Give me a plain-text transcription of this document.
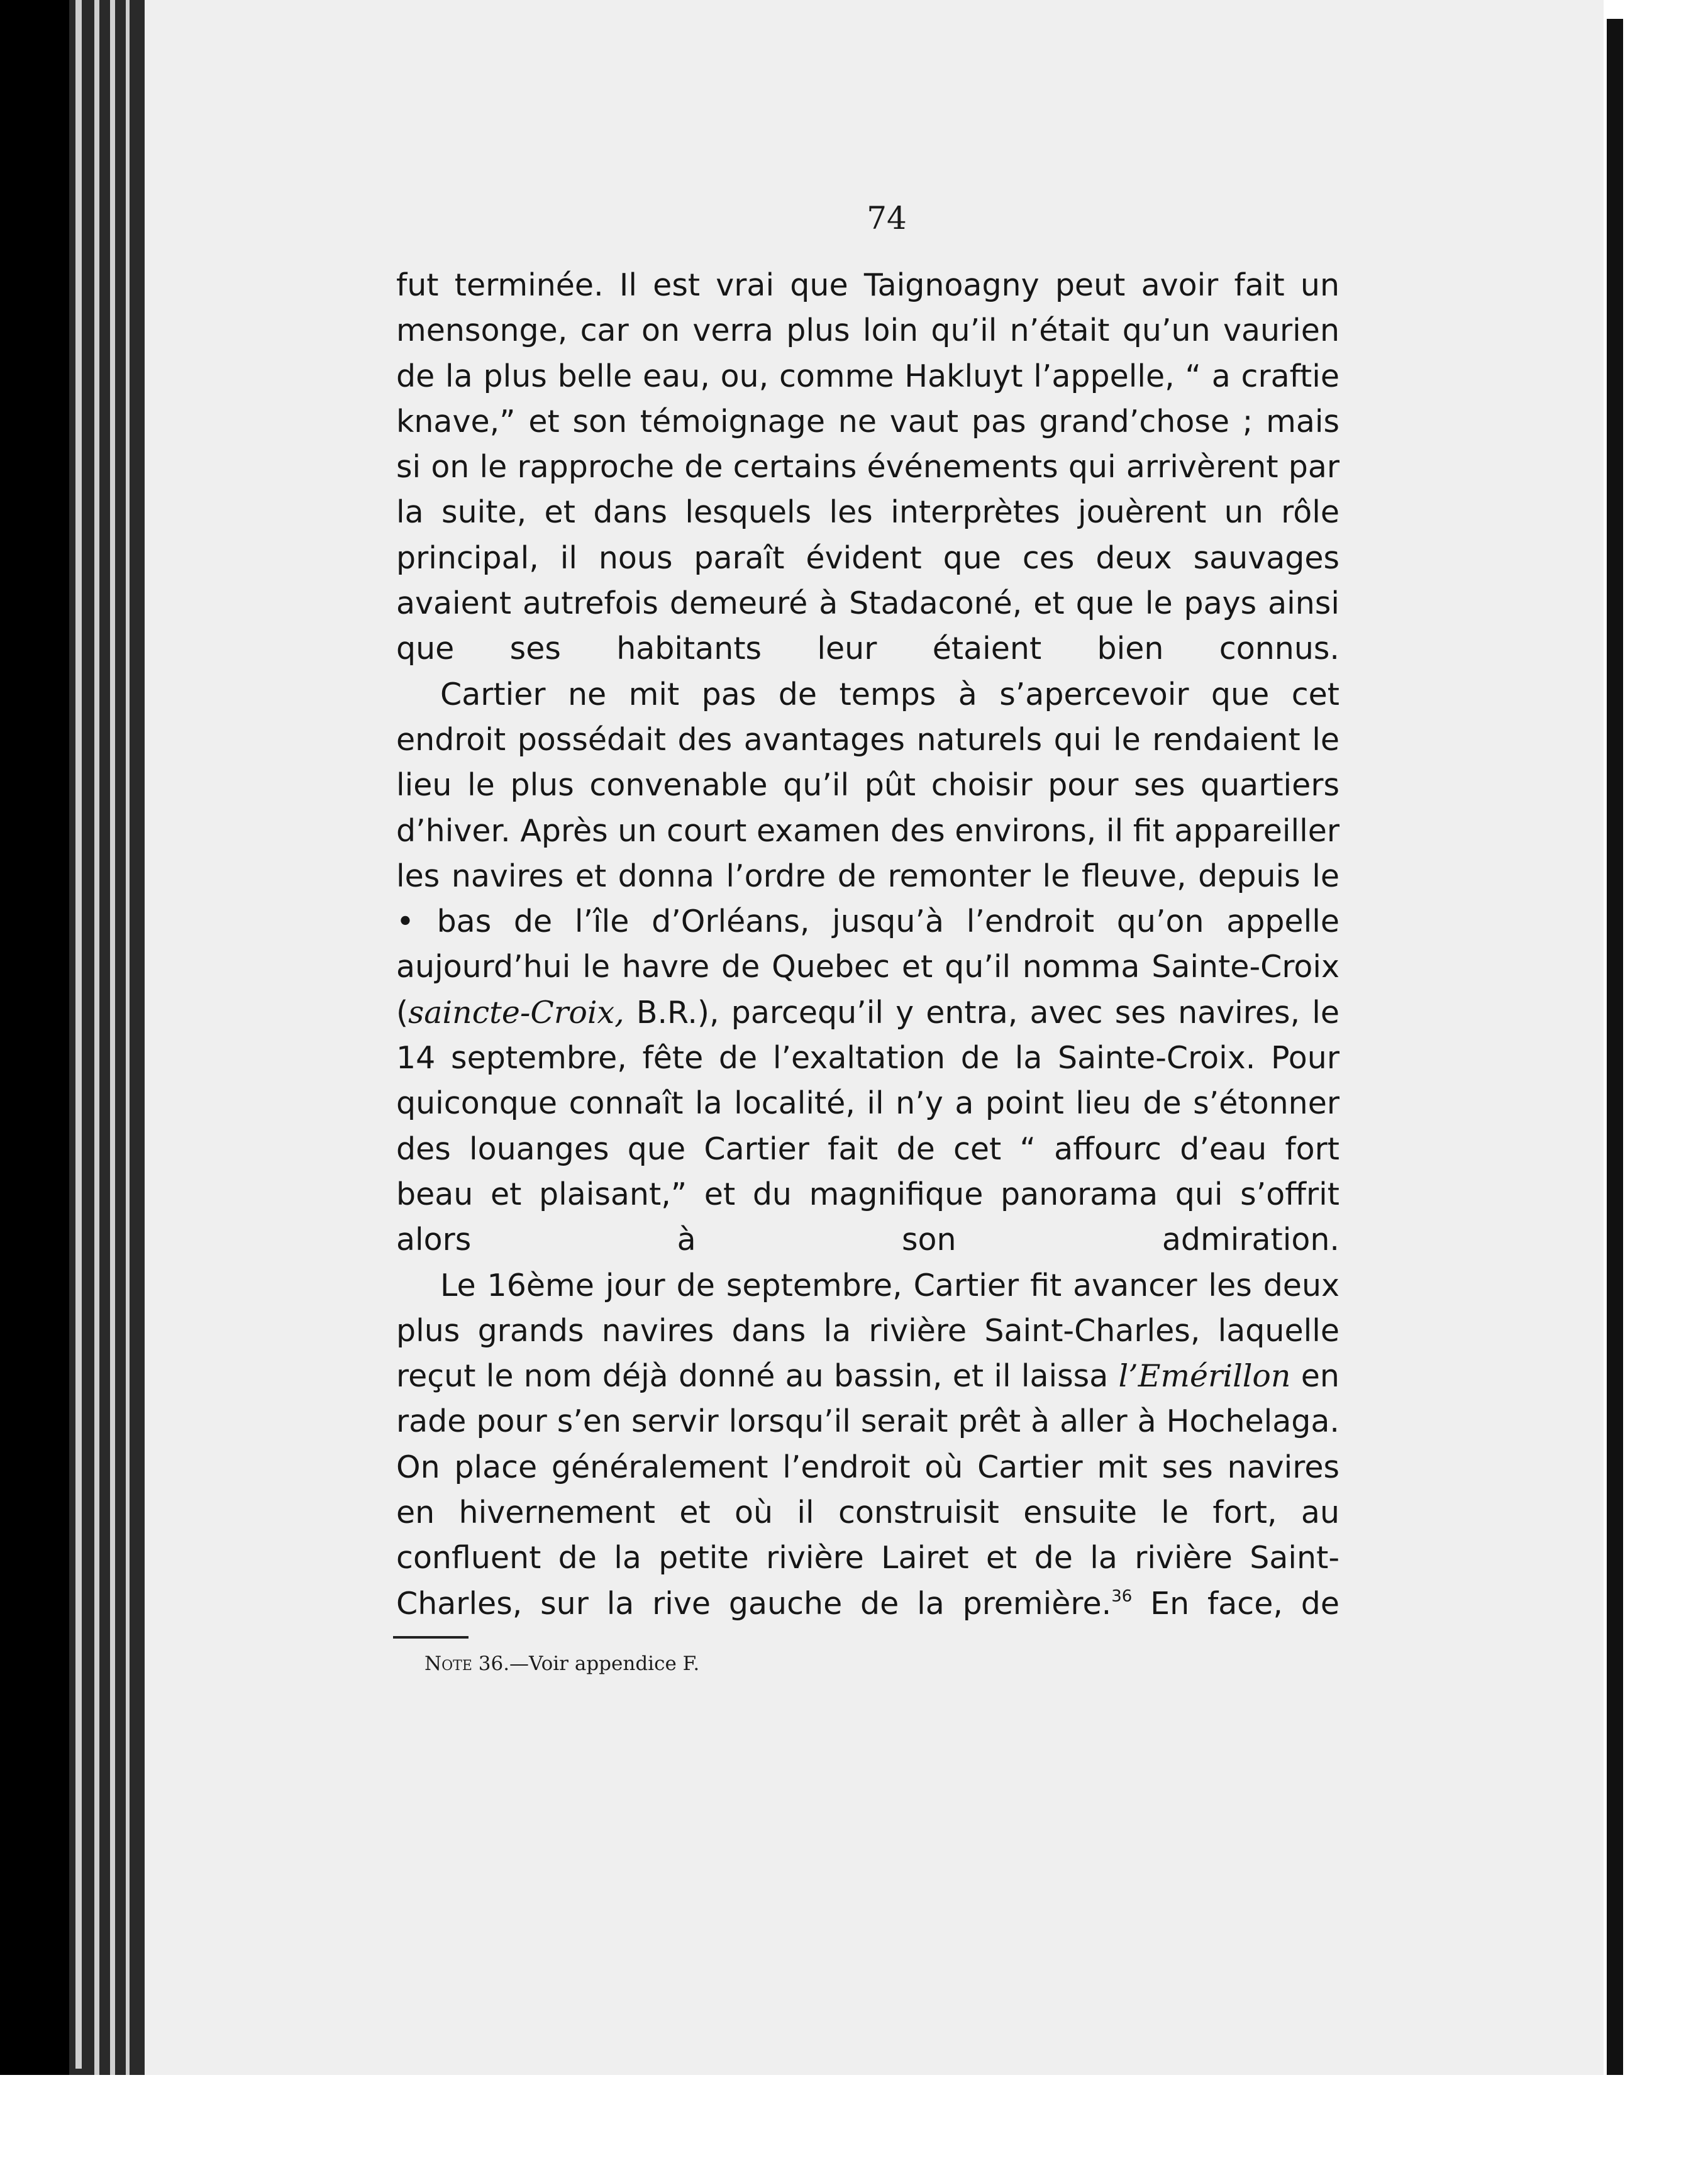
74

fut terminée. Il est vrai que Taignoagny peut avoir fait un mensonge, car on verra plus loin qu’il n’était qu’un vaurien de la plus belle eau, ou, comme Hakluyt l’appelle, “ a craftie knave,” et son témoignage ne vaut pas grand’chose ; mais si on le rapproche de certains événements qui arrivèrent par la suite, et dans lesquels les interprètes jouèrent un rôle principal, il nous paraît évident que ces deux sauvages avaient autrefois demeuré à Stadaconé, et que le pays ainsi que ses habitants leur étaient bien connus.

Cartier ne mit pas de temps à s’apercevoir que cet endroit possédait des avantages naturels qui le rendaient le lieu le plus convenable qu’il pût choisir pour ses quartiers d’hiver. Après un court examen des environs, il fit appareiller les navires et donna l’ordre de remonter le fleuve, depuis le • bas de l’île d’Orléans, jusqu’à l’endroit qu’on appelle aujourd’hui le havre de Quebec et qu’il nomma Sainte-Croix (saincte-Croix, B.R.), parcequ’il y entra, avec ses navires, le 14 septembre, fête de l’exaltation de la Sainte-Croix. Pour quiconque connaît la localité, il n’y a point lieu de s’étonner des louanges que Cartier fait de cet “ affourc d’eau fort beau et plaisant,” et du magnifique panorama qui s’offrit alors à son admiration.

Le 16ème jour de septembre, Cartier fit avancer les deux plus grands navires dans la rivière Saint-Charles, laquelle reçut le nom déjà donné au bassin, et il laissa l’Emérillon en rade pour s’en servir lorsqu’il serait prêt à aller à Hochelaga. On place généralement l’endroit où Cartier mit ses navires en hivernement et où il construisit ensuite le fort, au confluent de la petite rivière Lairet et de la rivière Saint-Charles, sur la rive gauche de la première.$^{36}$ En face, de

Note 36.—Voir appendice F.
